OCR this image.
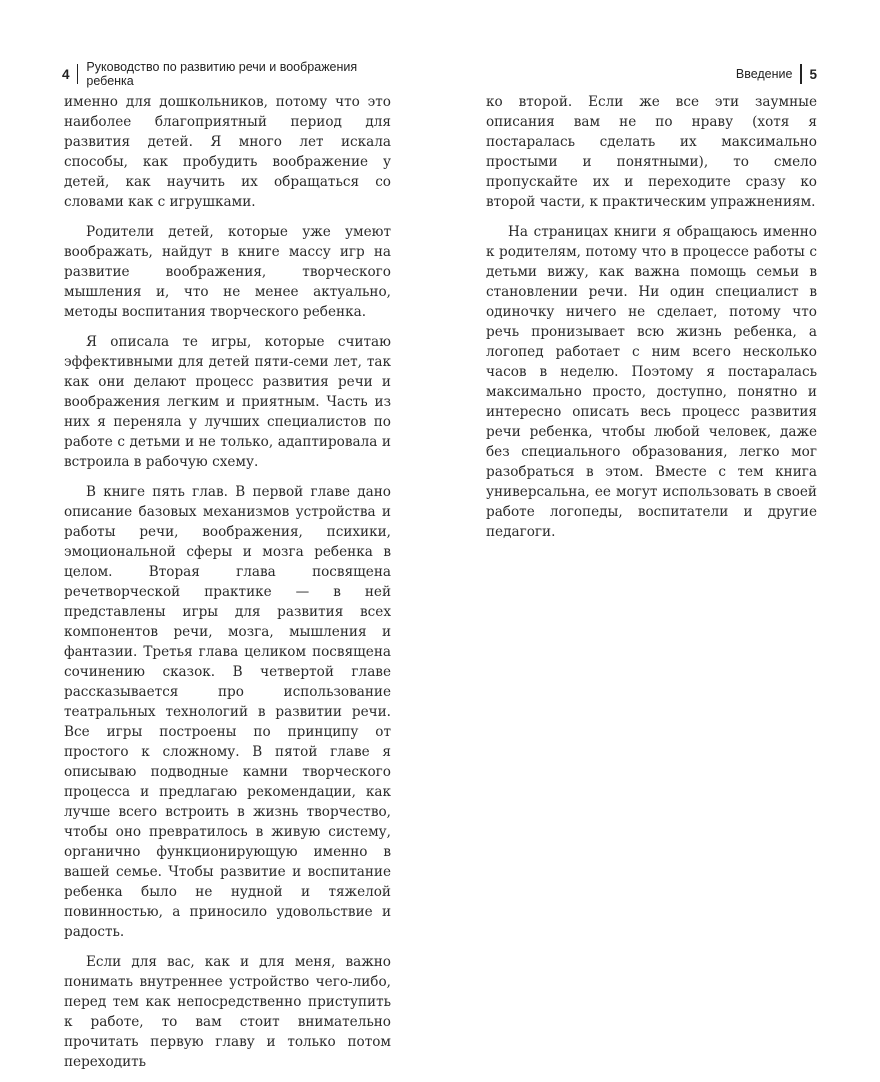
4 Руководство по развитию речи и воображения ребенка

именно для дошкольников, потому что это наиболее благоприятный период для развития детей. Я много лет искала способы, как пробудить воображение у детей, как научить их обращаться со словами как с игрушками.

Родители детей, которые уже умеют воображать, найдут в книге массу игр на развитие воображения, творческого мышления и, что не менее актуально, методы воспитания творческого ребенка.

Я описала те игры, которые считаю эффективными для детей пяти-семи лет, так как они делают процесс развития речи и воображения легким и приятным. Часть из них я переняла у лучших специалистов по работе с детьми и не только, адаптировала и встроила в рабочую схему.

В книге пять глав. В первой главе дано описание базовых механизмов устройства и работы речи, воображения, психики, эмоциональной сферы и мозга ребенка в целом. Вторая глава посвящена речетворческой практике — в ней представлены игры для развития всех компонентов речи, мозга, мышления и фантазии. Третья глава целиком посвящена сочинению сказок. В четвертой главе рассказывается про использование театральных технологий в развитии речи. Все игры построены по принципу от простого к сложному. В пятой главе я описываю подводные камни творческого процесса и предлагаю рекомендации, как лучше всего встроить в жизнь творчество, чтобы оно превратилось в живую систему, органично функционирующую именно в вашей семье. Чтобы развитие и воспитание ребенка было не нудной и тяжелой повинностью, а приносило удовольствие и радость.

Если для вас, как и для меня, важно понимать внутреннее устройство чего-либо, перед тем как непосредственно приступить к работе, то вам стоит внимательно прочитать первую главу и только потом переходить

Введение 5

ко второй. Если же все эти заумные описания вам не по нраву (хотя я постаралась сделать их максимально простыми и понятными), то смело пропускайте их и переходите сразу ко второй части, к практическим упражнениям.

На страницах книги я обращаюсь именно к родителям, потому что в процессе работы с детьми вижу, как важна помощь семьи в становлении речи. Ни один специалист в одиночку ничего не сделает, потому что речь пронизывает всю жизнь ребенка, а логопед работает с ним всего несколько часов в неделю. Поэтому я постаралась максимально просто, доступно, понятно и интересно описать весь процесс развития речи ребенка, чтобы любой человек, даже без специального образования, легко мог разобраться в этом. Вместе с тем книга универсальна, ее могут использовать в своей работе логопеды, воспитатели и другие педагоги.
